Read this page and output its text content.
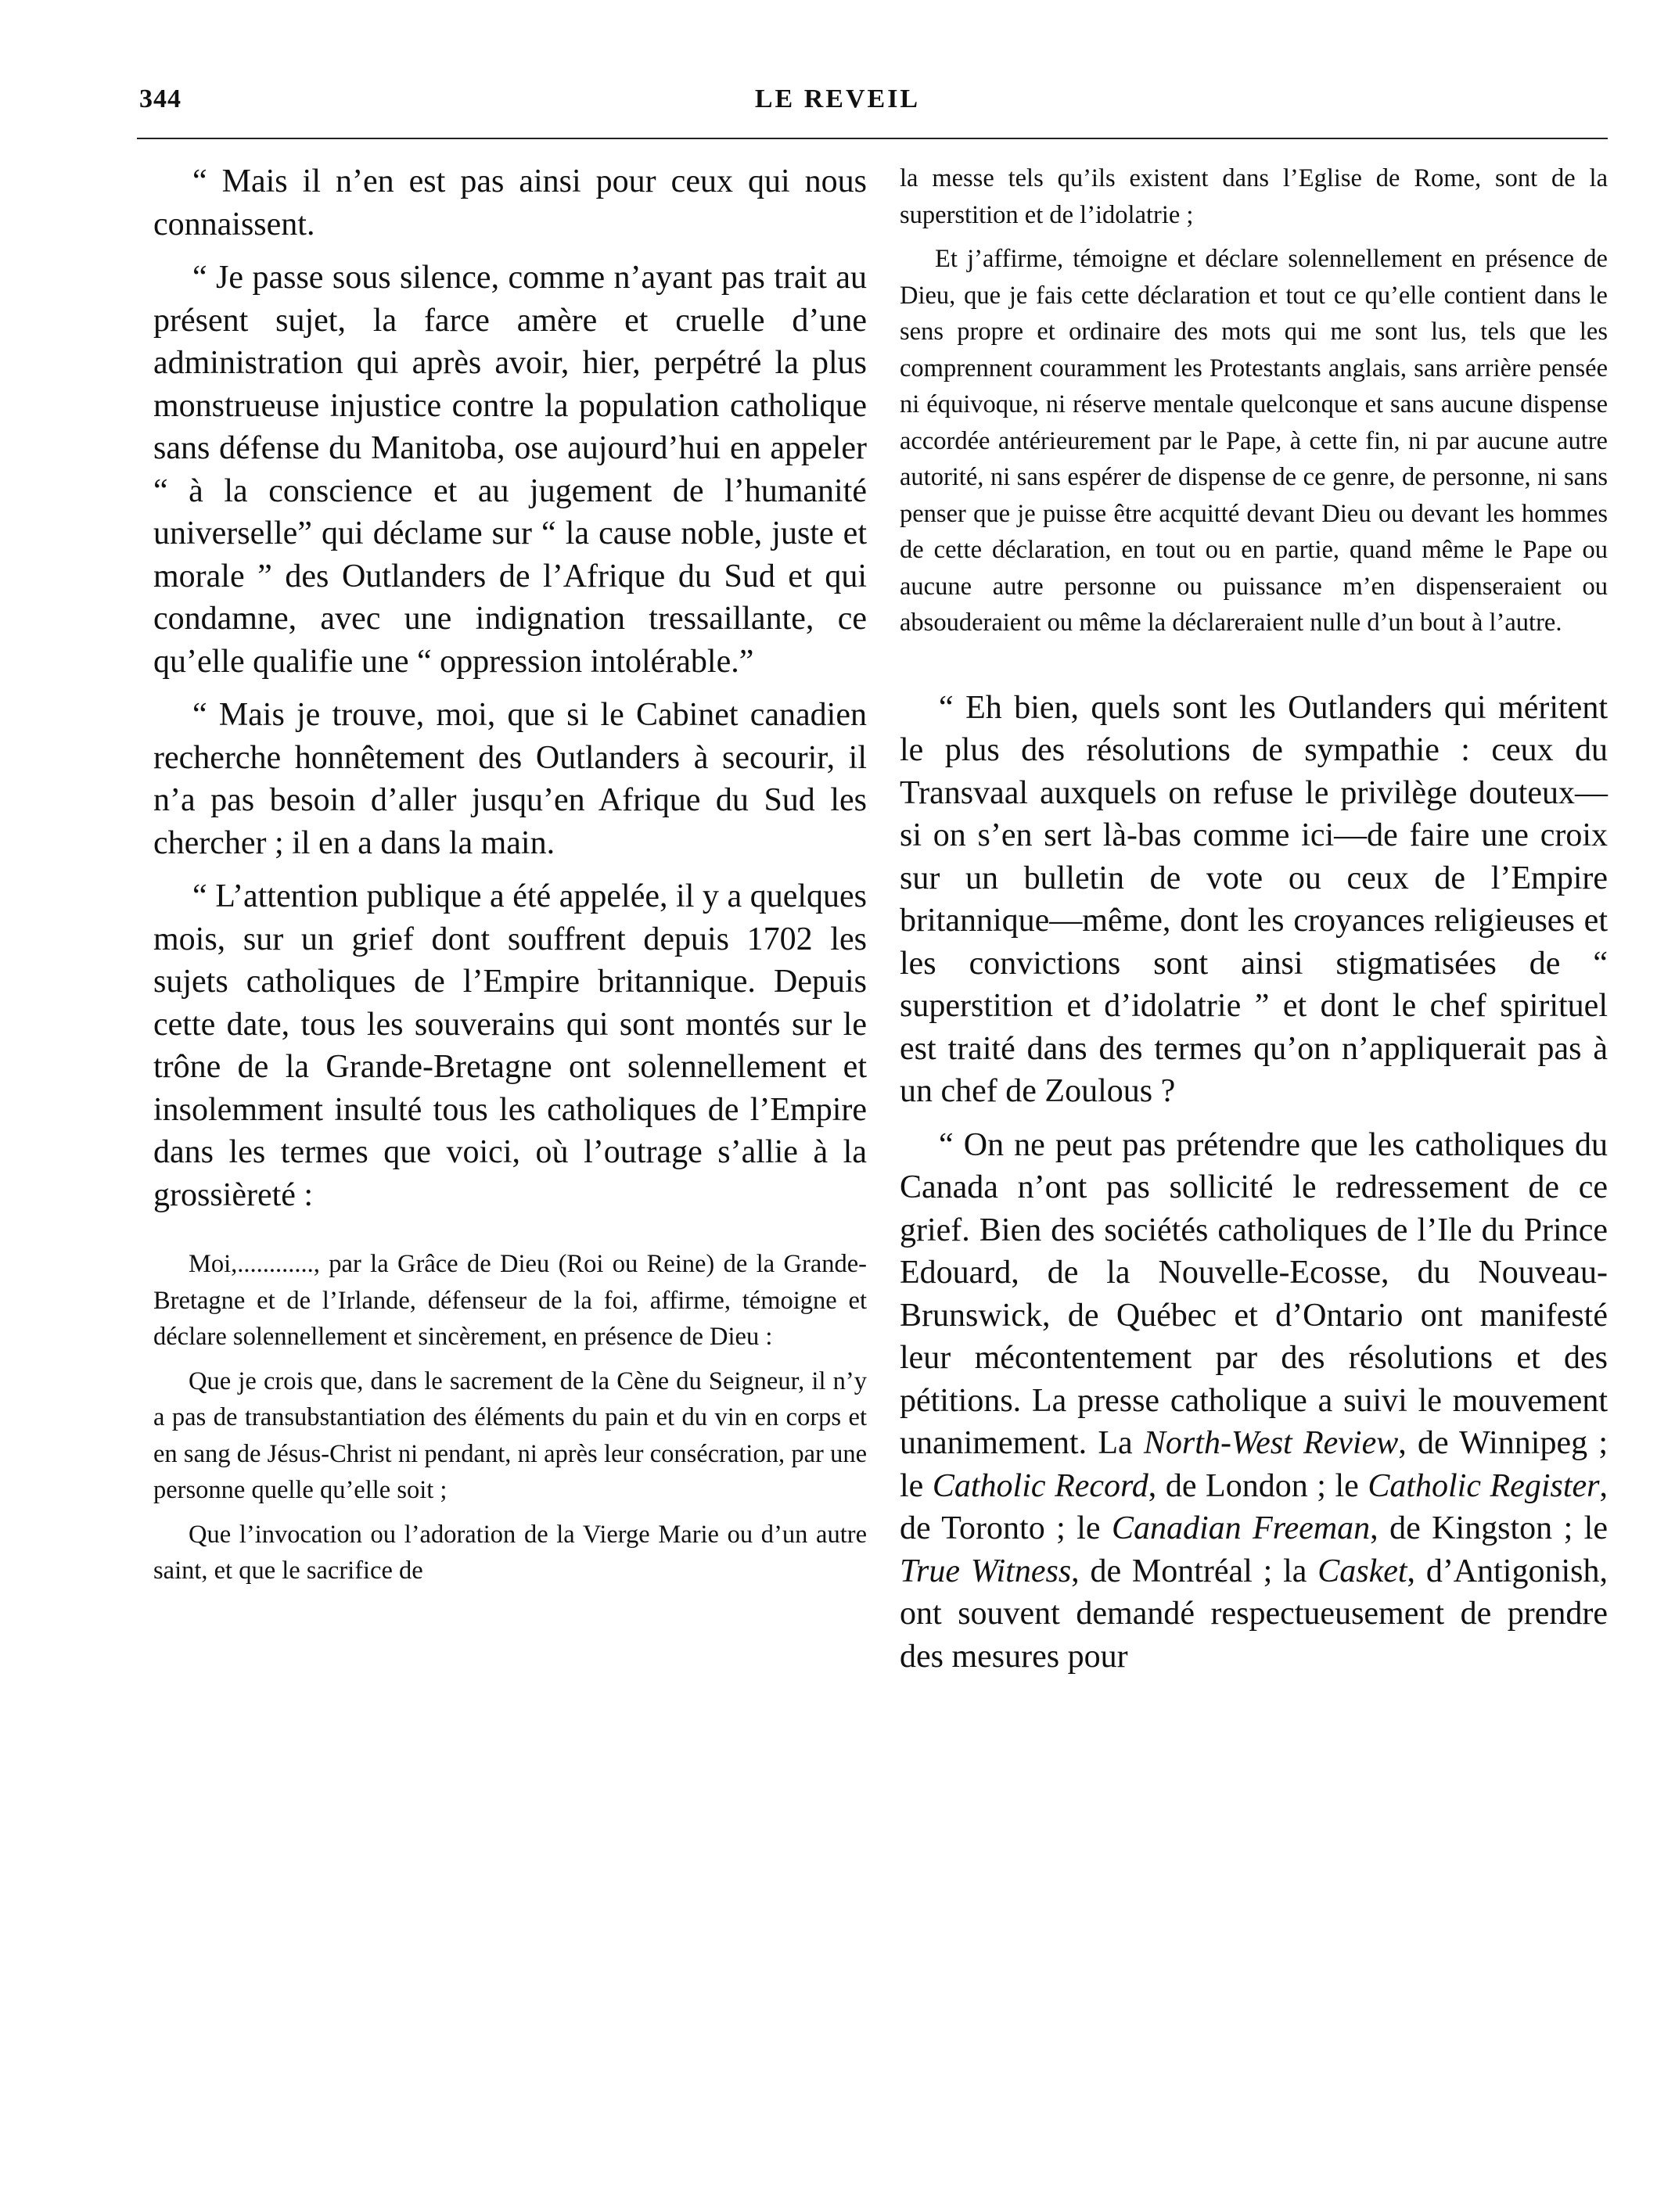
344	LE REVEIL

“ Mais il n’en est pas ainsi pour ceux qui nous connaissent.

“ Je passe sous silence, comme n’ayant pas trait au présent sujet, la farce amère et cruelle d’une administration qui après avoir, hier, perpétré la plus monstrueuse injustice contre la population catholique sans défense du Manitoba, ose aujourd’hui en appeler “ à la conscience et au jugement de l’humanité universelle” qui déclame sur “ la cause noble, juste et morale ” des Outlanders de l’Afrique du Sud et qui condamne, avec une indignation tressaillante, ce qu’elle qualifie une “ oppression intolérable.”

“ Mais je trouve, moi, que si le Cabinet canadien recherche honnêtement des Outlanders à secourir, il n’a pas besoin d’aller jusqu’en Afrique du Sud les chercher ; il en a dans la main.

“ L’attention publique a été appelée, il y a quelques mois, sur un grief dont souffrent depuis 1702 les sujets catholiques de l’Empire britannique. Depuis cette date, tous les souverains qui sont montés sur le trône de la Grande-Bretagne ont solennellement et insolemment insulté tous les catholiques de l’Empire dans les termes que voici, où l’outrage s’allie à la grossièreté :

Moi,............, par la Grâce de Dieu (Roi ou Reine) de la Grande-Bretagne et de l’Irlande, défenseur de la foi, affirme, témoigne et déclare solennellement et sincèrement, en présence de Dieu :

Que je crois que, dans le sacrement de la Cène du Seigneur, il n’y a pas de transubstantiation des éléments du pain et du vin en corps et en sang de Jésus-Christ ni pendant, ni après leur consécration, par une personne quelle qu’elle soit ;

Que l’invocation ou l’adoration de la Vierge Marie ou d’un autre saint, et que le sacrifice de

la messe tels qu’ils existent dans l’Eglise de Rome, sont de la superstition et de l’idolatrie ;

Et j’affirme, témoigne et déclare solennellement en présence de Dieu, que je fais cette déclaration et tout ce qu’elle contient dans le sens propre et ordinaire des mots qui me sont lus, tels que les comprennent couramment les Protestants anglais, sans arrière pensée ni équivoque, ni réserve mentale quelconque et sans aucune dispense accordée antérieurement par le Pape, à cette fin, ni par aucune autre autorité, ni sans espérer de dispense de ce genre, de personne, ni sans penser que je puisse être acquitté devant Dieu ou devant les hommes de cette déclaration, en tout ou en partie, quand même le Pape ou aucune autre personne ou puissance m’en dispenseraient ou absouderaient ou même la déclareraient nulle d’un bout à l’autre.

“ Eh bien, quels sont les Outlanders qui méritent le plus des résolutions de sympathie : ceux du Transvaal auxquels on refuse le privilège douteux—si on s’en sert là-bas comme ici—de faire une croix sur un bulletin de vote ou ceux de l’Empire britannique—même, dont les croyances religieuses et les convictions sont ainsi stigmatisées de “ superstition et d’idolatrie ” et dont le chef spirituel est traité dans des termes qu’on n’appliquerait pas à un chef de Zoulous ?

“ On ne peut pas prétendre que les catholiques du Canada n’ont pas sollicité le redressement de ce grief. Bien des sociétés catholiques de l’Ile du Prince Edouard, de la Nouvelle-Ecosse, du Nouveau-Brunswick, de Québec et d’Ontario ont manifesté leur mécontentement par des résolutions et des pétitions. La presse catholique a suivi le mouvement unanimement. La North-West Review, de Winnipeg ; le Catholic Record, de London ; le Catholic Register, de Toronto ; le Canadian Freeman, de Kingston ; le True Witness, de Montréal ; la Casket, d’Antigonish, ont souvent demandé respectueusement de prendre des mesures pour
